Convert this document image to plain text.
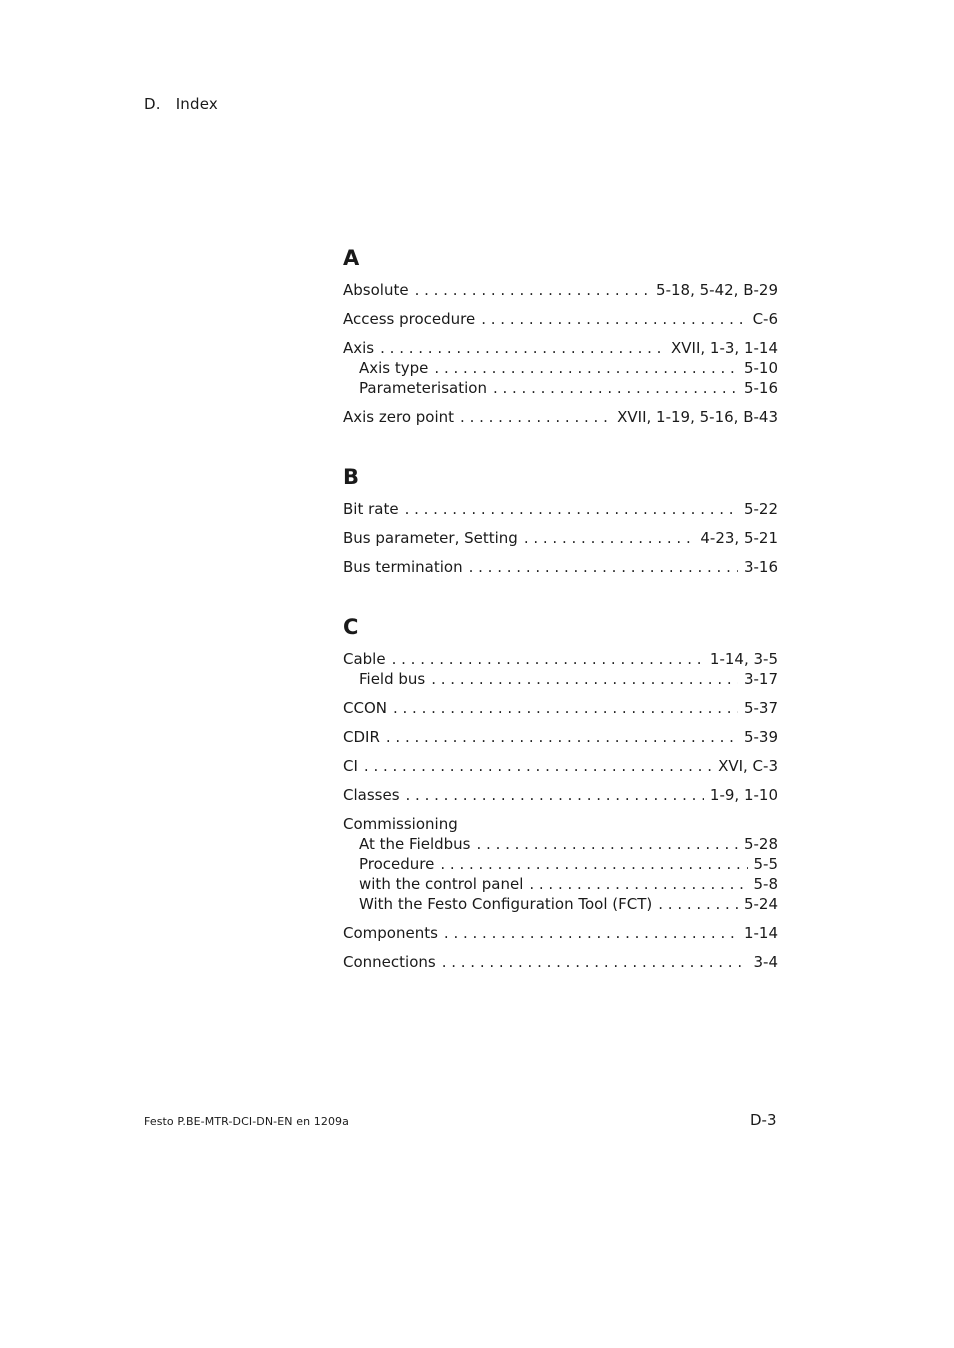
D. Index
A
Absolute . . .	5-18, 5-42, B-29
Access procedure . . .	C-6
Axis . . .	XVII, 1-3, 1-14
Axis type . . .	5-10
Parameterisation . . .	5-16
Axis zero point . . .	XVII, 1-19, 5-16, B-43
B
Bit rate . . .	5-22
Bus parameter, Setting . . .	4-23, 5-21
Bus termination . . .	3-16
C
Cable . . .	1-14, 3-5
Field bus . . .	3-17
CCON . . .	5-37
CDIR . . .	5-39
CI . . .	XVI, C-3
Classes . . .	1-9, 1-10
Commissioning
At the Fieldbus . . .	5-28
Procedure . . .	5-5
with the control panel . . .	5-8
With the Festo Configuration Tool (FCT) . . .	5-24
Components . . .	1-14
Connections . . .	3-4
Festo P.BE-MTR-DCI-DN-EN en 1209a	D-3
